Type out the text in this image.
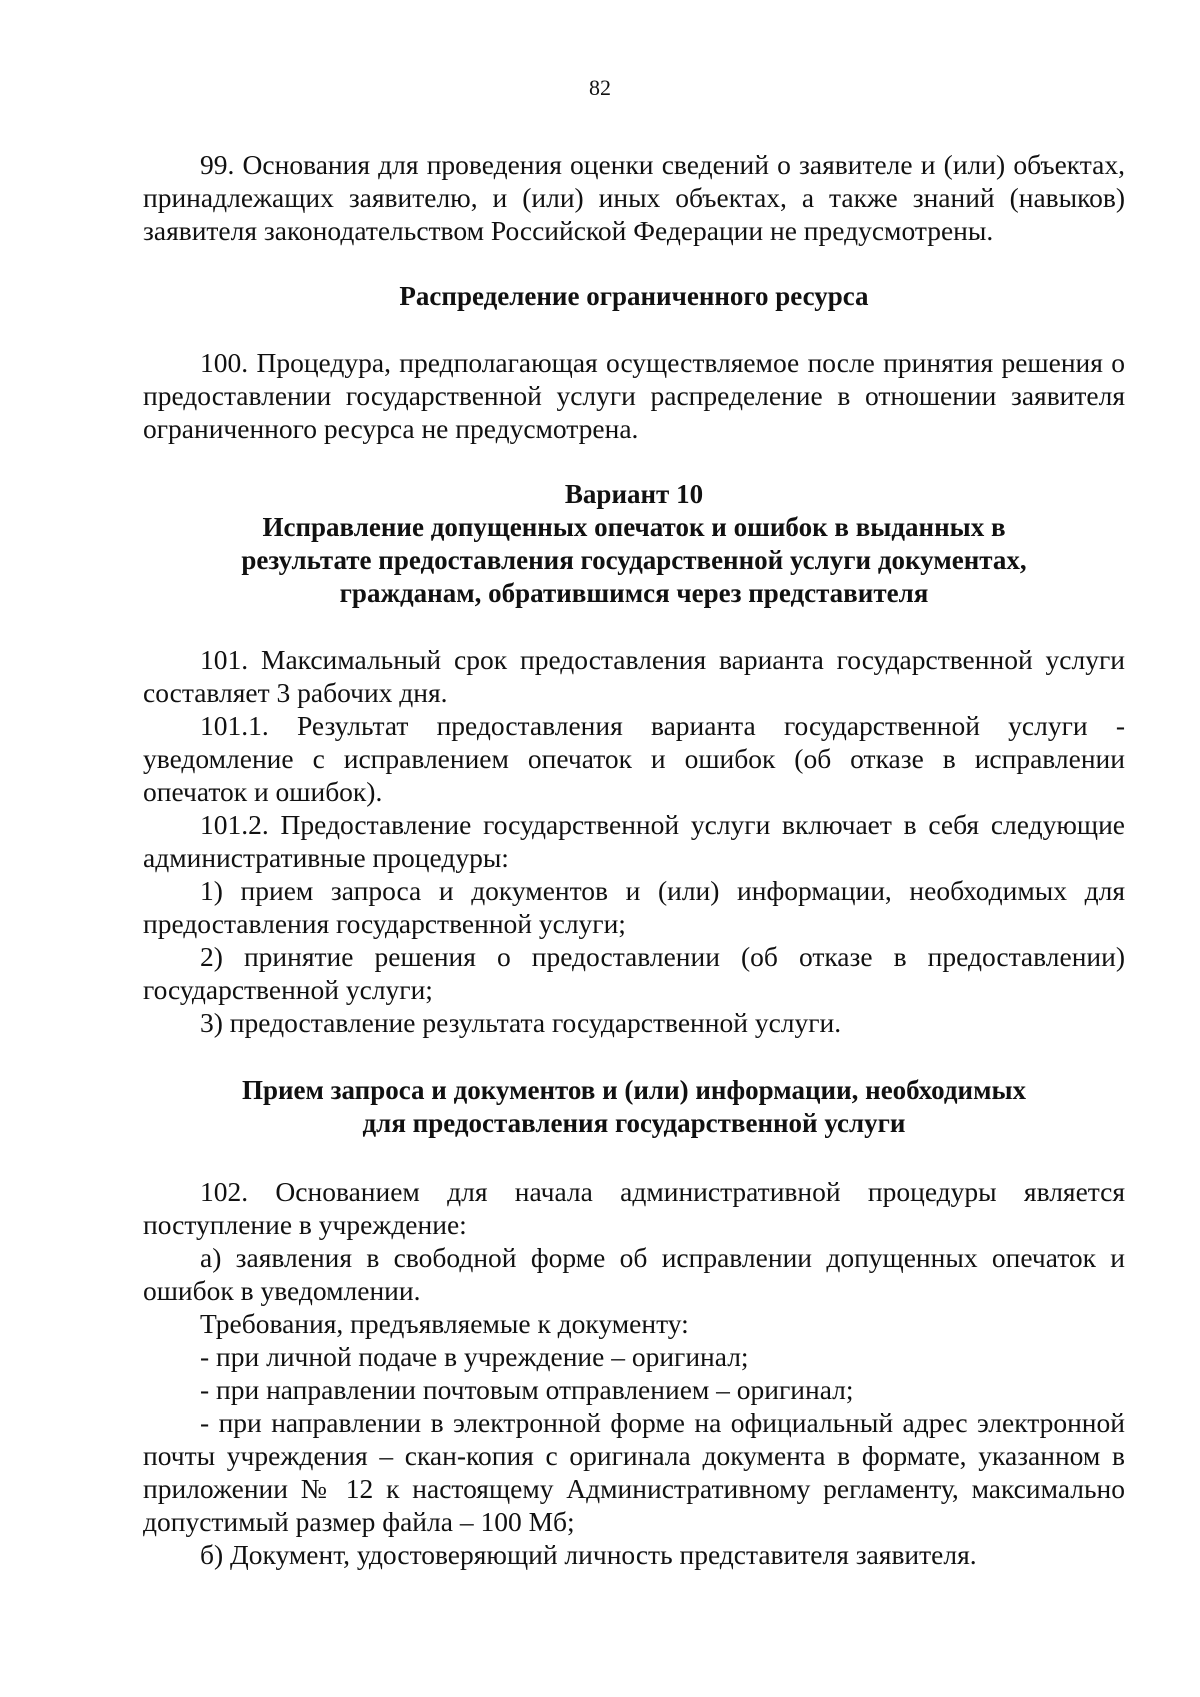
82

99. Основания для проведения оценки сведений о заявителе и (или) объектах, принадлежащих заявителю, и (или) иных объектах, а также знаний (навыков) заявителя законодательством Российской Федерации не предусмотрены.

Распределение ограниченного ресурса

100. Процедура, предполагающая осуществляемое после принятия решения о предоставлении государственной услуги распределение в отношении заявителя ограниченного ресурса не предусмотрена.

Вариант 10

Исправление допущенных опечаток и ошибок в выданных в

результате предоставления государственной услуги документах,

гражданам, обратившимся через представителя

101. Максимальный срок предоставления варианта государственной услуги составляет 3 рабочих дня.

101.1. Результат предоставления варианта государственной услуги - уведомление с исправлением опечаток и ошибок (об отказе в исправлении опечаток и ошибок).

101.2. Предоставление государственной услуги включает в себя следующие административные процедуры:

1) прием запроса и документов и (или) информации, необходимых для предоставления государственной услуги;

2) принятие решения о предоставлении (об отказе в предоставлении) государственной услуги;

3) предоставление результата государственной услуги.

Прием запроса и документов и (или) информации, необходимых

для предоставления государственной услуги

102. Основанием для начала административной процедуры является поступление в учреждение:

а) заявления в свободной форме об исправлении допущенных опечаток и ошибок в уведомлении.

Требования, предъявляемые к документу:

- при личной подаче в учреждение – оригинал;

- при направлении почтовым отправлением – оригинал;

- при направлении в электронной форме на официальный адрес электронной почты учреждения – скан-копия с оригинала документа в формате, указанном в приложении № 12 к настоящему Административному регламенту, максимально допустимый размер файла – 100 Мб;

б) Документ, удостоверяющий личность представителя заявителя.
